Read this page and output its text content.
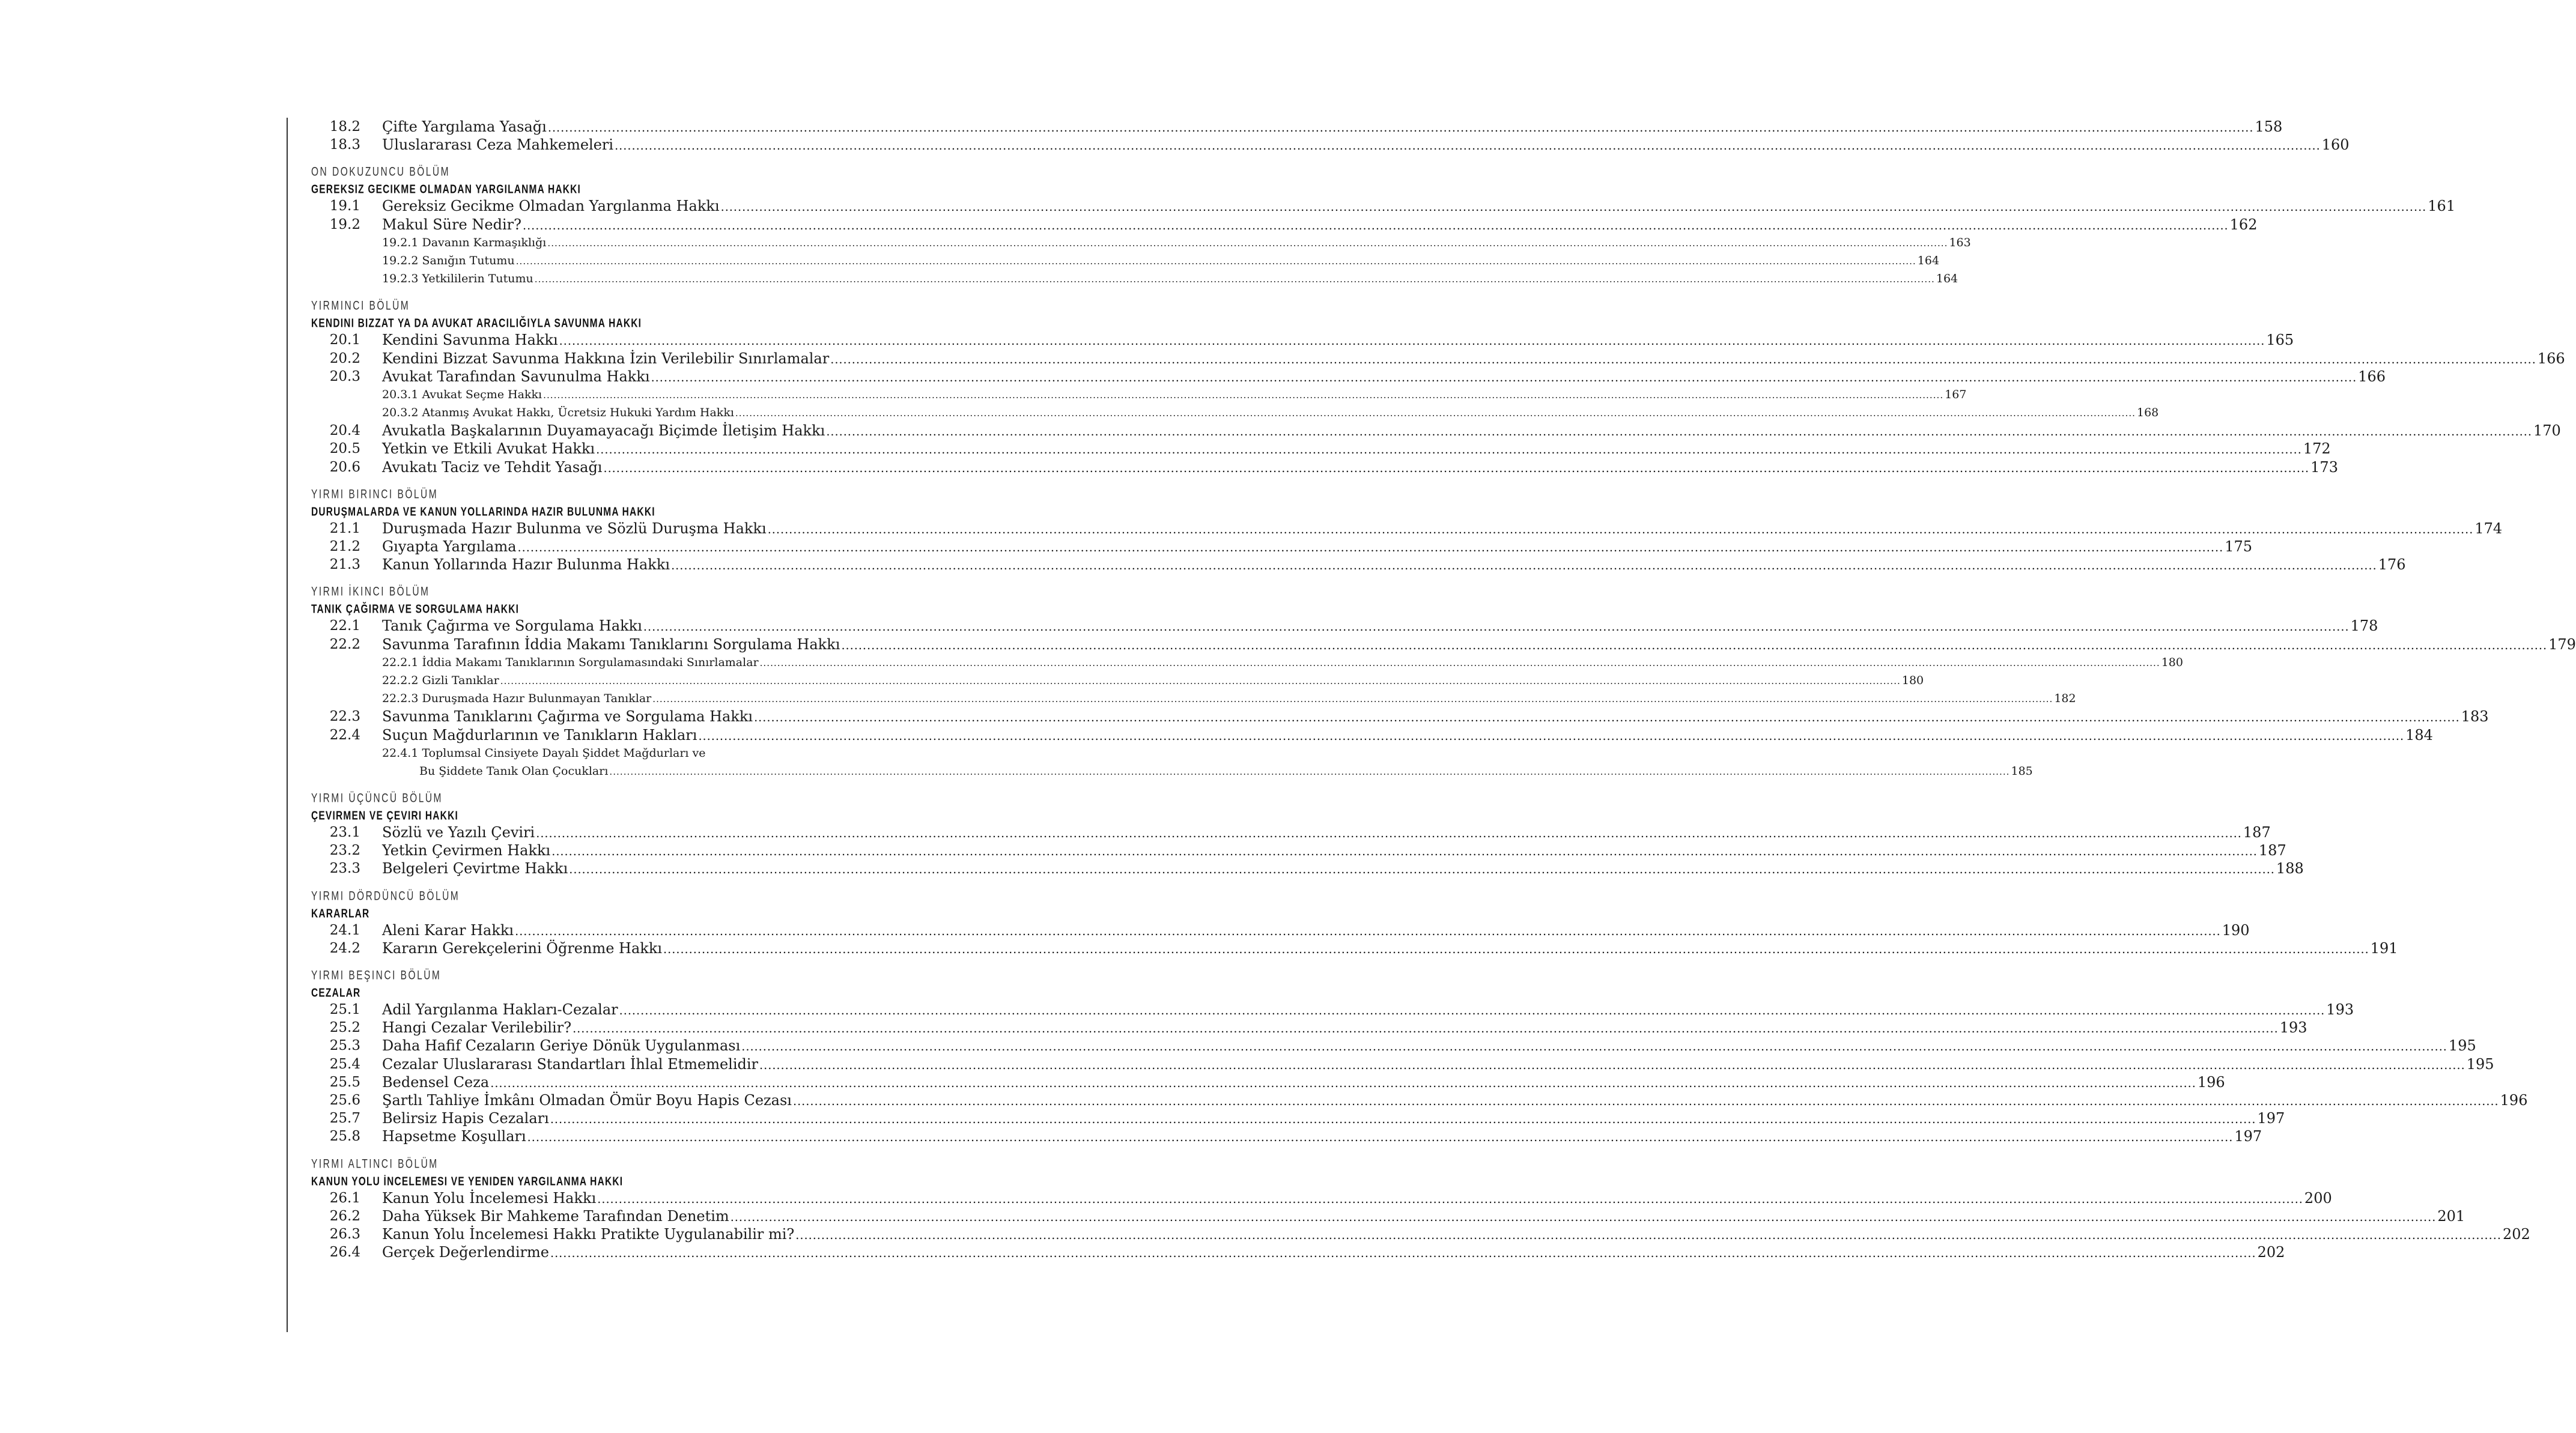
18.2 Çifte Yargılama Yasağı ................................................................................................................................................................................................................................................................................................................................................................................................................ 158
18.3 Uluslararası Ceza Mahkemeleri ................................................................................................................................................................................................................................................................................................................................................................................................................ 160
ON DOKUZUNCU BÖLÜM
GEREKSIZ GECIKME OLMADAN YARGILANMA HAKKI
19.1 Gereksiz Gecikme Olmadan Yargılanma Hakkı ................................................................................................................................................................................................................................................................................................................................................................................................................ 161
19.2 Makul Süre Nedir? ................................................................................................................................................................................................................................................................................................................................................................................................................ 162
19.2.1 Davanın Karmaşıklığı ................................................................................................................................................................................................................................................................................................................................................................................................................ 163
19.2.2 Sanığın Tutumu ................................................................................................................................................................................................................................................................................................................................................................................................................ 164
19.2.3 Yetkililerin Tutumu ................................................................................................................................................................................................................................................................................................................................................................................................................ 164
YIRMINCI BÖLÜM
KENDINI BIZZAT YA DA AVUKAT ARACILIĞIYLA SAVUNMA HAKKI
20.1 Kendini Savunma Hakkı ................................................................................................................................................................................................................................................................................................................................................................................................................ 165
20.2 Kendini Bizzat Savunma Hakkına İzin Verilebilir Sınırlamalar ................................................................................................................................................................................................................................................................................................................................................................................................................ 166
20.3 Avukat Tarafından Savunulma Hakkı ................................................................................................................................................................................................................................................................................................................................................................................................................ 166
20.3.1 Avukat Seçme Hakkı ................................................................................................................................................................................................................................................................................................................................................................................................................ 167
20.3.2 Atanmış Avukat Hakkı, Ücretsiz Hukuki Yardım Hakkı ................................................................................................................................................................................................................................................................................................................................................................................................................ 168
20.4 Avukatla Başkalarının Duyamayacağı Biçimde İletişim Hakkı ................................................................................................................................................................................................................................................................................................................................................................................................................ 170
20.5 Yetkin ve Etkili Avukat Hakkı ................................................................................................................................................................................................................................................................................................................................................................................................................ 172
20.6 Avukatı Taciz ve Tehdit Yasağı ................................................................................................................................................................................................................................................................................................................................................................................................................ 173
YIRMI BIRINCI BÖLÜM
DURUŞMALARDA VE KANUN YOLLARINDA HAZIR BULUNMA HAKKI
21.1 Duruşmada Hazır Bulunma ve Sözlü Duruşma Hakkı ................................................................................................................................................................................................................................................................................................................................................................................................................ 174
21.2 Gıyapta Yargılama ................................................................................................................................................................................................................................................................................................................................................................................................................ 175
21.3 Kanun Yollarında Hazır Bulunma Hakkı ................................................................................................................................................................................................................................................................................................................................................................................................................ 176
YIRMI İKINCI BÖLÜM
TANIK ÇAĞIRMA VE SORGULAMA HAKKI
22.1 Tanık Çağırma ve Sorgulama Hakkı ................................................................................................................................................................................................................................................................................................................................................................................................................ 178
22.2 Savunma Tarafının İddia Makamı Tanıklarını Sorgulama Hakkı ................................................................................................................................................................................................................................................................................................................................................................................................................ 179
22.2.1 İddia Makamı Tanıklarının Sorgulamasındaki Sınırlamalar ................................................................................................................................................................................................................................................................................................................................................................................................................ 180
22.2.2 Gizli Tanıklar ................................................................................................................................................................................................................................................................................................................................................................................................................ 180
22.2.3 Duruşmada Hazır Bulunmayan Tanıklar ................................................................................................................................................................................................................................................................................................................................................................................................................ 182
22.3 Savunma Tanıklarını Çağırma ve Sorgulama Hakkı ................................................................................................................................................................................................................................................................................................................................................................................................................ 183
22.4 Suçun Mağdurlarının ve Tanıkların Hakları ................................................................................................................................................................................................................................................................................................................................................................................................................ 184
22.4.1 Toplumsal Cinsiyete Dayalı Şiddet Mağdurları ve
Bu Şiddete Tanık Olan Çocukları ................................................................................................................................................................................................................................................................................................................................................................................................................ 185
YIRMI ÜÇÜNCÜ BÖLÜM
ÇEVIRMEN VE ÇEVIRI HAKKI
23.1 Sözlü ve Yazılı Çeviri ................................................................................................................................................................................................................................................................................................................................................................................................................ 187
23.2 Yetkin Çevirmen Hakkı ................................................................................................................................................................................................................................................................................................................................................................................................................ 187
23.3 Belgeleri Çevirtme Hakkı ................................................................................................................................................................................................................................................................................................................................................................................................................ 188
YIRMI DÖRDÜNCÜ BÖLÜM
KARARLAR
24.1 Aleni Karar Hakkı ................................................................................................................................................................................................................................................................................................................................................................................................................ 190
24.2 Kararın Gerekçelerini Öğrenme Hakkı ................................................................................................................................................................................................................................................................................................................................................................................................................ 191
YIRMI BEŞINCI BÖLÜM
CEZALAR
25.1 Adil Yargılanma Hakları-Cezalar ................................................................................................................................................................................................................................................................................................................................................................................................................ 193
25.2 Hangi Cezalar Verilebilir? ................................................................................................................................................................................................................................................................................................................................................................................................................ 193
25.3 Daha Hafif Cezaların Geriye Dönük Uygulanması ................................................................................................................................................................................................................................................................................................................................................................................................................ 195
25.4 Cezalar Uluslararası Standartları İhlal Etmemelidir ................................................................................................................................................................................................................................................................................................................................................................................................................ 195
25.5 Bedensel Ceza ................................................................................................................................................................................................................................................................................................................................................................................................................ 196
25.6 Şartlı Tahliye İmkânı Olmadan Ömür Boyu Hapis Cezası ................................................................................................................................................................................................................................................................................................................................................................................................................ 196
25.7 Belirsiz Hapis Cezaları ................................................................................................................................................................................................................................................................................................................................................................................................................ 197
25.8 Hapsetme Koşulları ................................................................................................................................................................................................................................................................................................................................................................................................................ 197
YIRMI ALTINCI BÖLÜM
KANUN YOLU İNCELEMESI VE YENIDEN YARGILANMA HAKKI
26.1 Kanun Yolu İncelemesi Hakkı ................................................................................................................................................................................................................................................................................................................................................................................................................ 200
26.2 Daha Yüksek Bir Mahkeme Tarafından Denetim ................................................................................................................................................................................................................................................................................................................................................................................................................ 201
26.3 Kanun Yolu İncelemesi Hakkı Pratikte Uygulanabilir mi? ................................................................................................................................................................................................................................................................................................................................................................................................................ 202
26.4 Gerçek Değerlendirme ................................................................................................................................................................................................................................................................................................................................................................................................................ 202
